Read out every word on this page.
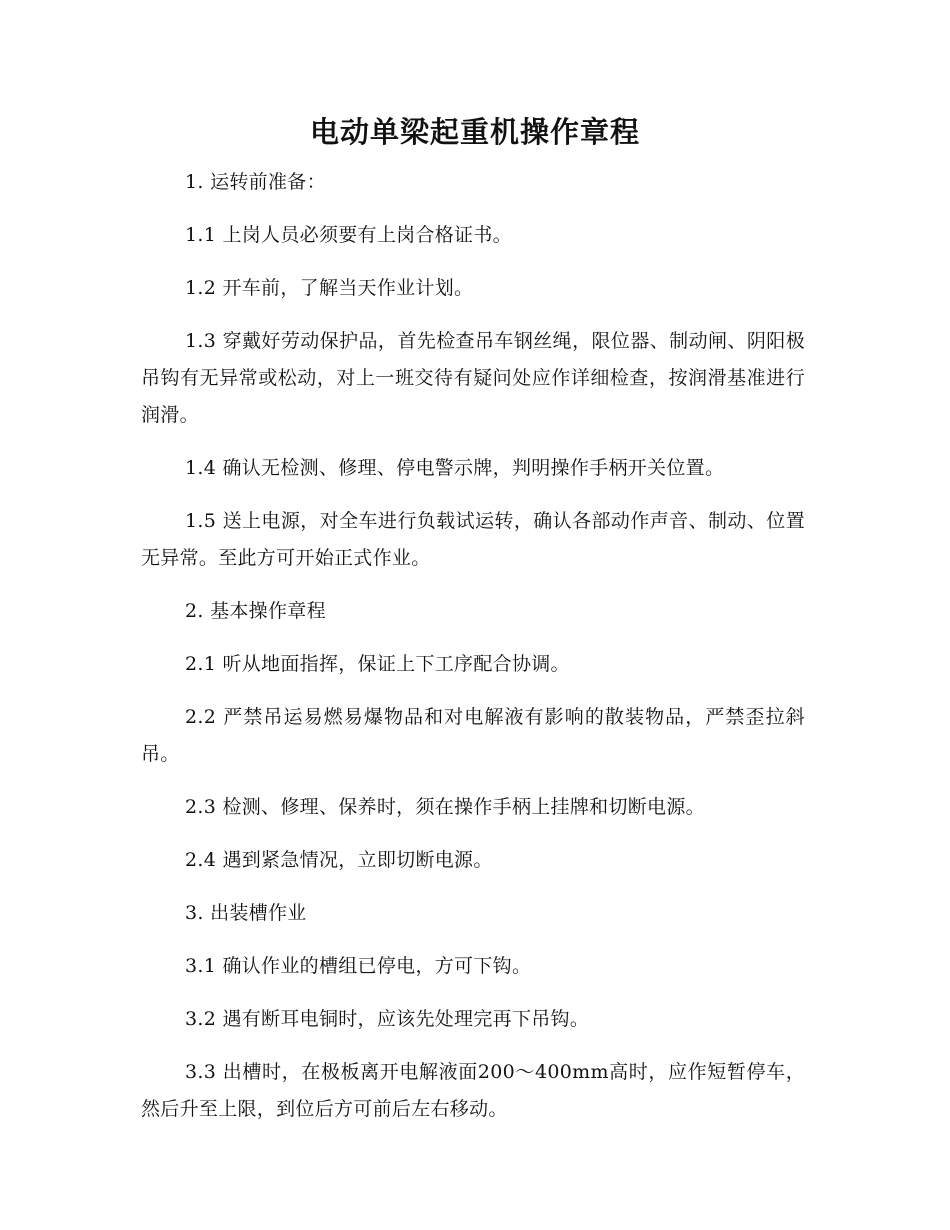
电动单梁起重机操作章程

1. 运转前准备：

1.1 上岗人员必须要有上岗合格证书。

1.2 开车前，了解当天作业计划。

1.3 穿戴好劳动保护品，首先检查吊车钢丝绳，限位器、制动闸、阴阳极吊钩有无异常或松动，对上一班交待有疑问处应作详细检查，按润滑基准进行润滑。

1.4 确认无检测、修理、停电警示牌，判明操作手柄开关位置。

1.5 送上电源，对全车进行负载试运转，确认各部动作声音、制动、位置无异常。至此方可开始正式作业。

2. 基本操作章程

2.1 听从地面指挥，保证上下工序配合协调。

2.2 严禁吊运易燃易爆物品和对电解液有影响的散装物品，严禁歪拉斜吊。

2.3 检测、修理、保养时，须在操作手柄上挂牌和切断电源。

2.4 遇到紧急情况，立即切断电源。

3. 出装槽作业

3.1 确认作业的槽组已停电，方可下钩。

3.2 遇有断耳电铜时，应该先处理完再下吊钩。

3.3 出槽时，在极板离开电解液面200～400mm高时，应作短暂停车，然后升至上限，到位后方可前后左右移动。
